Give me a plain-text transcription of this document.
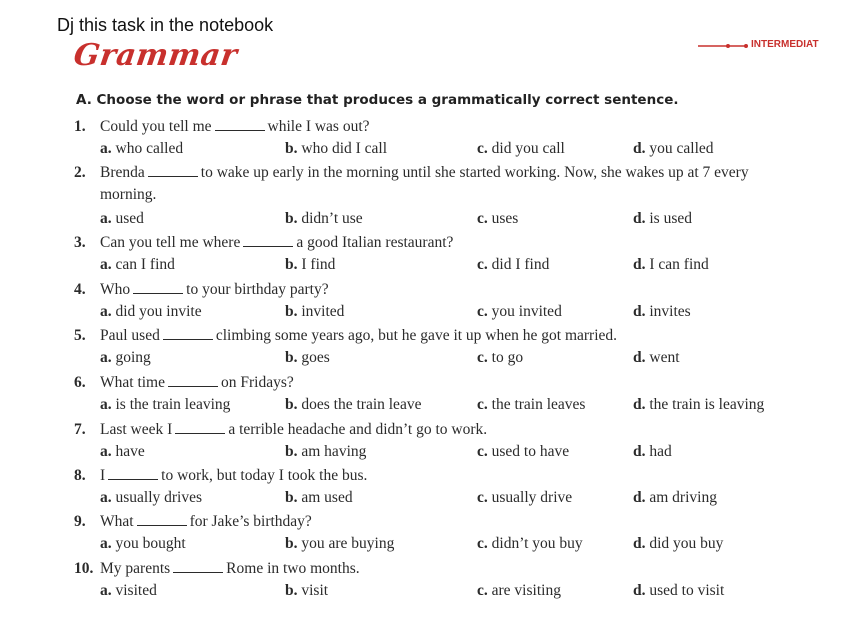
Dj this task in the notebook
Grammar	INTERMEDIAT
A. Choose the word or phrase that produces a grammatically correct sentence.
1. Could you tell me	while I was out?
a. who called	b. who did I call	c. did you call	d. you called
2. Brenda	to wake up early in the morning until she started working. Now, she wakes up at 7 every
morning.
a. used	b. didn’t use	c. uses	d. is used
3. Can you tell me where	a good Italian restaurant?
a. can I find	b. I find	c. did I find	d. I can find
4. Who	to your birthday party?
a. did you invite	b. invited	c. you invited	d. invites
5. Paul used	climbing some years ago, but he gave it up when he got married.
a. going	b. goes	c. to go	d. went
6. What time	on Fridays?
a. is the train leaving	b. does the train leave	c. the train leaves	d. the train is leaving
7. Last week I	a terrible headache and didn’t go to work.
a. have	b. am having	c. used to have	d. had
8. I	to work, but today I took the bus.
a. usually drives	b. am used	c. usually drive	d. am driving
9. What	for Jake’s birthday?
a. you bought	b. you are buying	c. didn’t you buy	d. did you buy
10. My parents	Rome in two months.
a. visited	b. visit	c. are visiting	d. used to visit
